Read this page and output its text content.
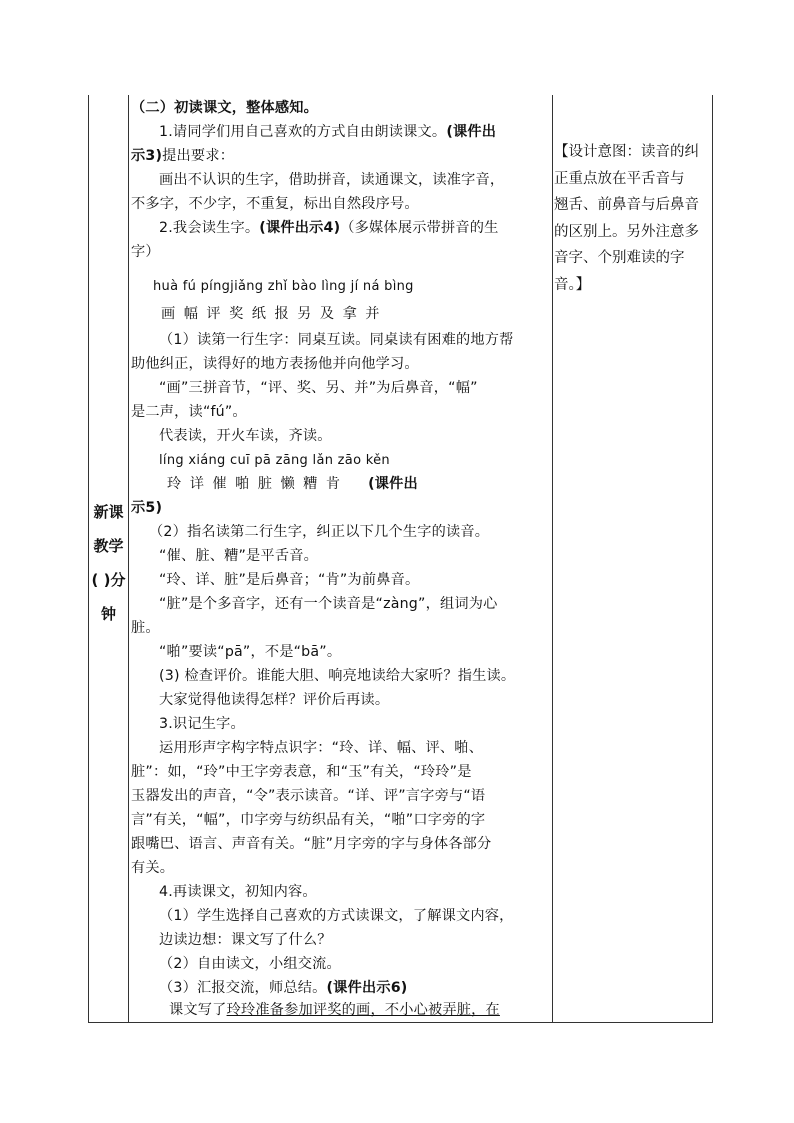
新课
教学
( )分
钟
（二）初读课文，整体感知。
1.请同学们用自己喜欢的方式自由朗读课文。(课件出
示3)提出要求：
画出不认识的生字，借助拼音，读通课文，读准字音，
不多字，不少字，不重复，标出自然段序号。
2.我会读生字。(课件出示4)（多媒体展示带拼音的生
字）
huà fú píngjiǎng zhǐ bào lìng jí ná bìng
画 幅 评 奖 纸 报 另 及 拿 并
（1）读第一行生字：同桌互读。同桌读有困难的地方帮
助他纠正，读得好的地方表扬他并向他学习。
“画”三拼音节，“评、奖、另、并”为后鼻音，“幅”
是二声，读“fú”。
代表读，开火车读，齐读。
líng xiáng cuī pā zāng lǎn zāo kěn
玲 详 催 啪 脏 懒 糟 肯 (课件出
示5)
（2）指名读第二行生字，纠正以下几个生字的读音。
“催、脏、糟”是平舌音。
“玲、详、脏”是后鼻音；“肯”为前鼻音。
“脏”是个多音字，还有一个读音是“zàng”，组词为心
脏。
“啪”要读“pā”，不是“bā”。
(3) 检查评价。谁能大胆、响亮地读给大家听？指生读。
大家觉得他读得怎样？评价后再读。
3.识记生字。
运用形声字构字特点识字：“玲、详、幅、评、啪、
脏”：如，“玲”中王字旁表意，和“玉”有关，“玲玲”是
玉器发出的声音，“令”表示读音。“详、评”言字旁与“语
言”有关，“幅”，巾字旁与纺织品有关，“啪”口字旁的字
跟嘴巴、语言、声音有关。“脏”月字旁的字与身体各部分
有关。
4.再读课文，初知内容。
（1）学生选择自己喜欢的方式读课文，了解课文内容，
边读边想：课文写了什么？
（2）自由读文，小组交流。
（3）汇报交流，师总结。(课件出示6)
课文写了玲玲准备参加评奖的画，不小心被弄脏，在
【设计意图：读音的纠
正重点放在平舌音与
翘舌、前鼻音与后鼻音
的区别上。另外注意多
音字、个别难读的字
音。】
